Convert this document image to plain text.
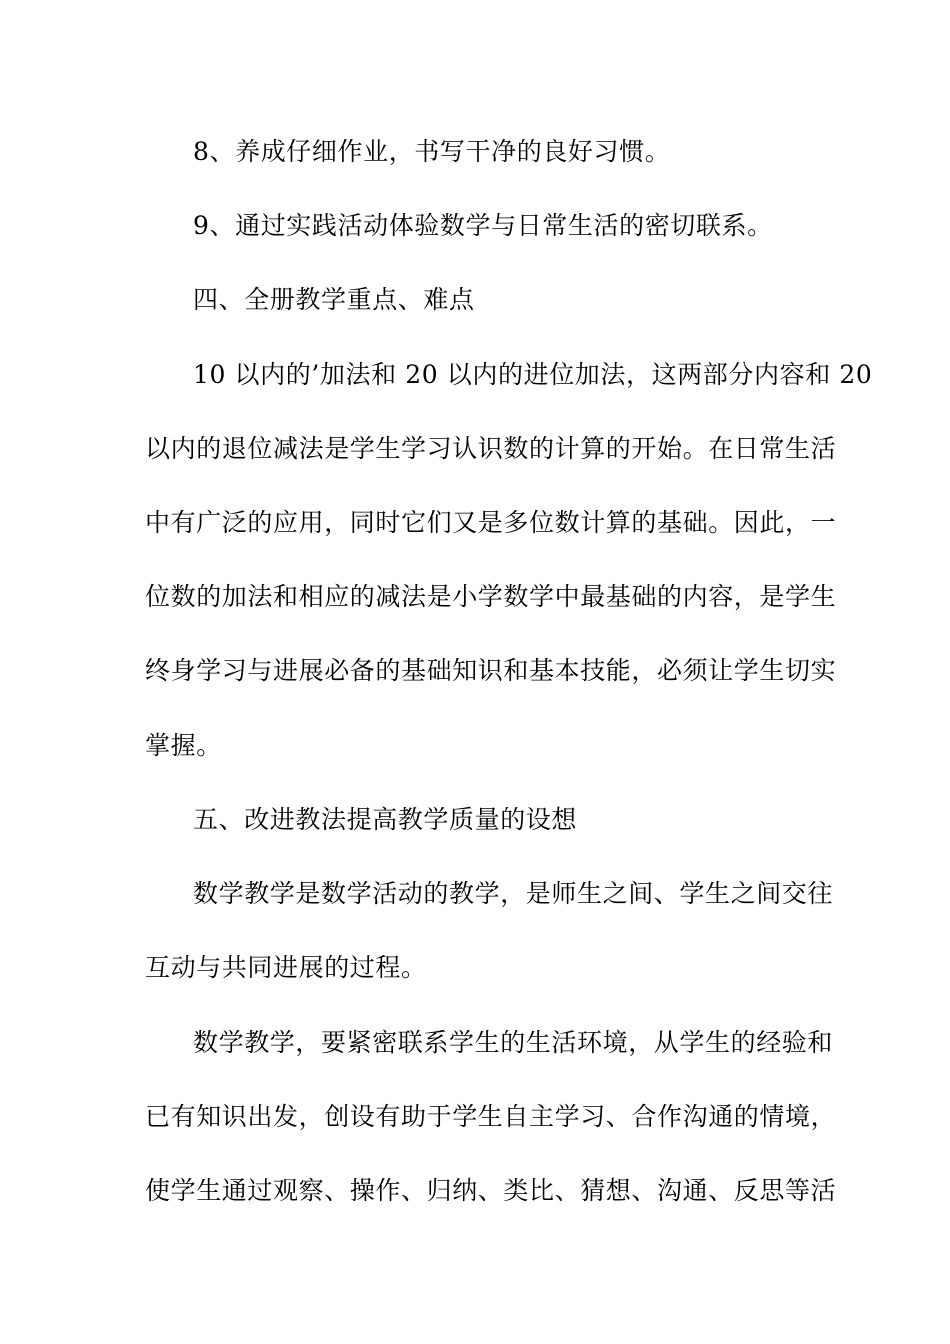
8、养成仔细作业，书写干净的良好习惯。
9、通过实践活动体验数学与日常生活的密切联系。
四、全册教学重点、难点
10 以内的’加法和 20 以内的进位加法，这两部分内容和 20
以内的退位减法是学生学习认识数的计算的开始。在日常生活
中有广泛的应用，同时它们又是多位数计算的基础。因此，一
位数的加法和相应的减法是小学数学中最基础的内容，是学生
终身学习与进展必备的基础知识和基本技能，必须让学生切实
掌握。
五、改进教法提高教学质量的设想
数学教学是数学活动的教学，是师生之间、学生之间交往
互动与共同进展的过程。
数学教学，要紧密联系学生的生活环境，从学生的经验和
已有知识出发，创设有助于学生自主学习、合作沟通的情境，
使学生通过观察、操作、归纳、类比、猜想、沟通、反思等活
